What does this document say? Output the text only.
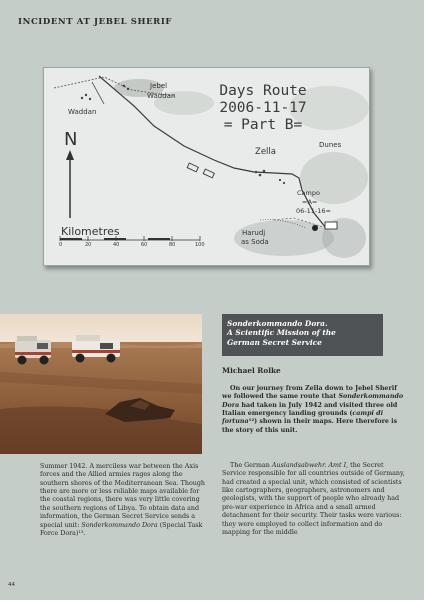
INCIDENT AT JEBEL SHERIF
Jebel
Waddan
Waddan
Days Route
2006-11-17
= Part B=
Zella
Dunes
Campo
=A=
06-11-16=
Harudj
as Soda
N
Kilometres
0	20	40	60	80	100
Sonderkommando Dora.
A Scientific Mission of the
German Secret Service
Michael Rolke
On our journey from Zella down to Jebel Sherif we followed the same route that Sonderkommando Dora had taken in July 1942 and visited three old Italian emergency landing grounds (campi di fortuna¹²) shown in their maps. Here therefore is the story of this unit.
The German Auslandsabwehr. Amt I, the Secret Service responsible for all countries outside of Germany, had created a special unit, which consisted of scientists like cartographers, geographers, astronomers and geologists, with the support of people who already had pre-war experience in Africa and a small armed detachment for their security. Their tasks were various: they were employed to collect information and do mapping for the middle
Summer 1942. A merciless war between the Axis forces and the Allied armies rages along the southern shores of the Mediterranean Sea. Though there are more or less reliable maps available for the coastal regions, there was very little covering the southern regions of Libya. To obtain data and information, the German Secret Service sends a special unit: Sonderkommando Dora (Special Task Force Dora)¹³.
44
